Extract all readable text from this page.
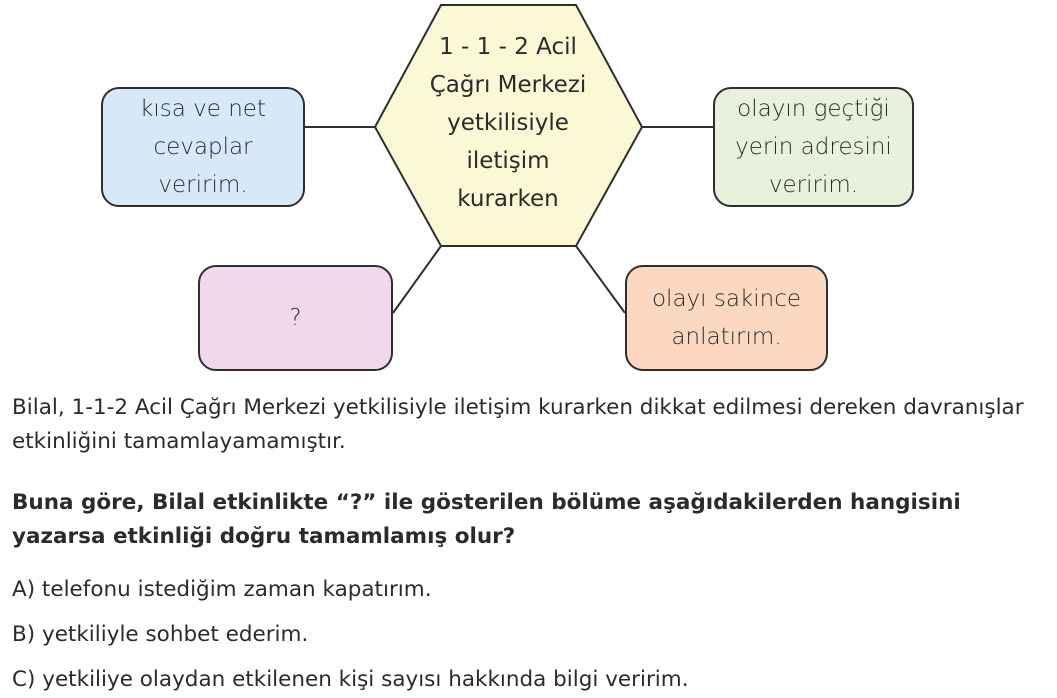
1 - 1 - 2 Acil
Çağrı Merkezi
yetkilisiyle
iletişim
kurarken
kısa ve net
cevaplar
veririm.
olayın geçtiği
yerin adresini
veririm.
?
olayı sakince
anlatırım.
Bilal, 1-1-2 Acil Çağrı Merkezi yetkilisiyle iletişim kurarken dikkat edilmesi dereken davranışlar etkinliğini tamamlayamamıştır.
Buna göre, Bilal etkinlikte “?” ile gösterilen bölüme aşağıdakilerden hangisini yazarsa etkinliği doğru tamamlamış olur?
A) telefonu istediğim zaman kapatırım.
B) yetkiliyle sohbet ederim.
C) yetkiliye olaydan etkilenen kişi sayısı hakkında bilgi veririm.
